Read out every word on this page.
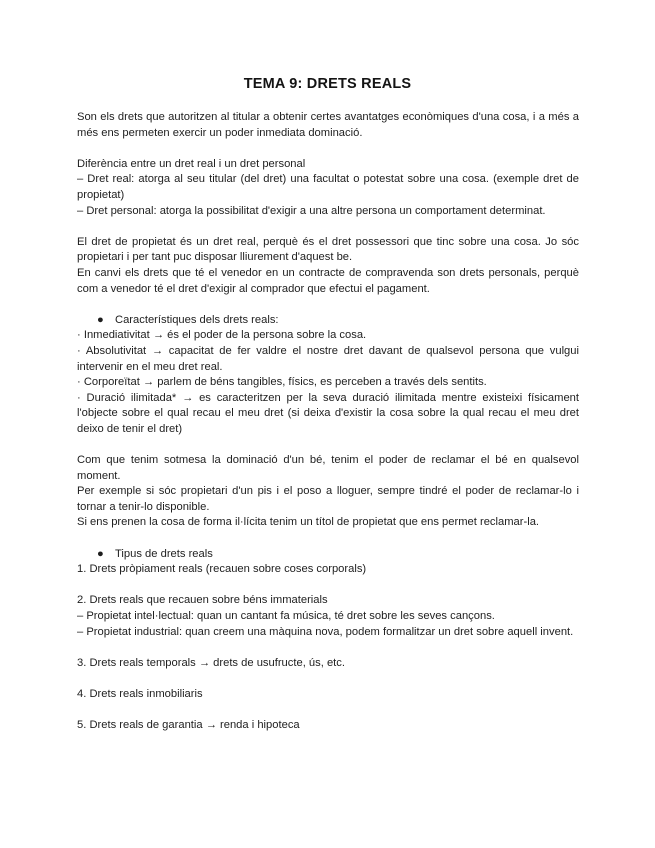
TEMA 9: DRETS REALS

Son els drets que autoritzen al titular a obtenir certes avantatges econòmiques d'una cosa, i a més a més ens permeten exercir un poder inmediata dominació.

Diferència entre un dret real i un dret personal

– Dret real: atorga al seu titular (del dret) una facultat o potestat sobre una cosa. (exemple dret de propietat)

– Dret personal: atorga la possibilitat d'exigir a una altre persona un comportament determinat.

El dret de propietat és un dret real, perquè és el dret possessori que tinc sobre una cosa. Jo sóc propietari i per tant puc disposar lliurement d'aquest be.

En canvi els drets que té el venedor en un contracte de compravenda son drets personals, perquè com a venedor té el dret d'exigir al comprador que efectui el pagament.

● Característiques dels drets reals:

· Inmediativitat → és el poder de la persona sobre la cosa.

· Absolutivitat → capacitat de fer valdre el nostre dret davant de qualsevol persona que vulgui intervenir en el meu dret real.

· Corporeïtat → parlem de béns tangibles, físics, es perceben a través dels sentits.

· Duració ilimitada* → es caracteritzen per la seva duració ilimitada mentre existeixi físicament l'objecte sobre el qual recau el meu dret (si deixa d'existir la cosa sobre la qual recau el meu dret deixo de tenir el dret)

Com que tenim sotmesa la dominació d'un bé, tenim el poder de reclamar el bé en qualsevol moment.

Per exemple si sóc propietari d'un pis i el poso a lloguer, sempre tindré el poder de reclamar-lo i tornar a tenir-lo disponible.

Si ens prenen la cosa de forma il·lícita tenim un títol de propietat que ens permet reclamar-la.

● Tipus de drets reals

1. Drets pròpiament reals (recauen sobre coses corporals)

2. Drets reals que recauen sobre béns immaterials

– Propietat intel·lectual: quan un cantant fa música, té dret sobre les seves cançons.

– Propietat industrial: quan creem una màquina nova, podem formalitzar un dret sobre aquell invent.

3. Drets reals temporals → drets de usufructe, ús, etc.

4. Drets reals inmobiliaris

5. Drets reals de garantia → renda i hipoteca
